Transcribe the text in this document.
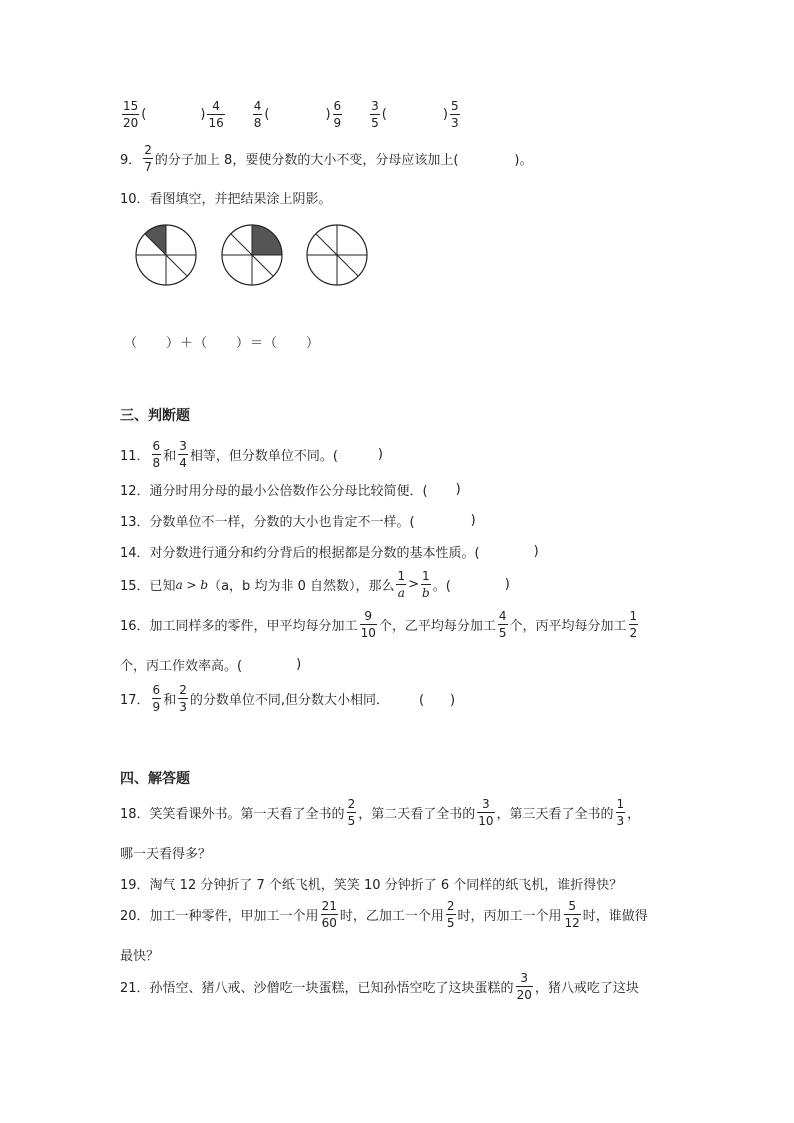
$\frac{15}{20}$ (	) $\frac{4}{16} \frac{4}{8}$ (	) $\frac{6}{9} \frac{3}{5}$ (	) $\frac{5}{3}$
9． $\frac{2}{7}$ 的分子加上 8，要使分数的大小不变，分母应该加上(	)。
10． 看图填空，并把结果涂上阴影。
（　　）＋（　　）＝（　　）
三、判断题
11． $\frac{6}{8}$ 和 $\frac{3}{4}$ 相等，但分数单位不同。(	)
12． 通分时用分母的最小公倍数作公分母比较简便．( )
13． 分数单位不一样，分数的大小也肯定不一样。(	)
14． 对分数进行通分和约分背后的根据都是分数的基本性质。(	)
15． 已知 a > b （a，b 均为非 0 自然数），那么 $\frac{1}{a} > \frac{1}{b}$ 。(	)
16． 加工同样多的零件，甲平均每分加工 $\frac{9}{10}$ 个，乙平均每分加工 $\frac{4}{5}$ 个，丙平均每分加工 $\frac{1}{2}$
个，丙工作效率高。(	)
17． $\frac{6}{9}$ 和 $\frac{2}{3}$ 的分数单位不同,但分数大小相同． (　　)
四、解答题
18． 笑笑看课外书。第一天看了全书的 $\frac{2}{5}$ ，第二天看了全书的 $\frac{3}{10}$ ，第三天看了全书的 $\frac{1}{3}$ ，
哪一天看得多？
19． 淘气 12 分钟折了 7 个纸飞机，笑笑 10 分钟折了 6 个同样的纸飞机，谁折得快？
20． 加工一种零件，甲加工一个用 $\frac{21}{60}$ 时，乙加工一个用 $\frac{2}{5}$ 时，丙加工一个用 $\frac{5}{12}$ 时，谁做得
最快？
21． 孙悟空、猪八戒、沙僧吃一块蛋糕，已知孙悟空吃了这块蛋糕的 $\frac{3}{20}$ ，猪八戒吃了这块
